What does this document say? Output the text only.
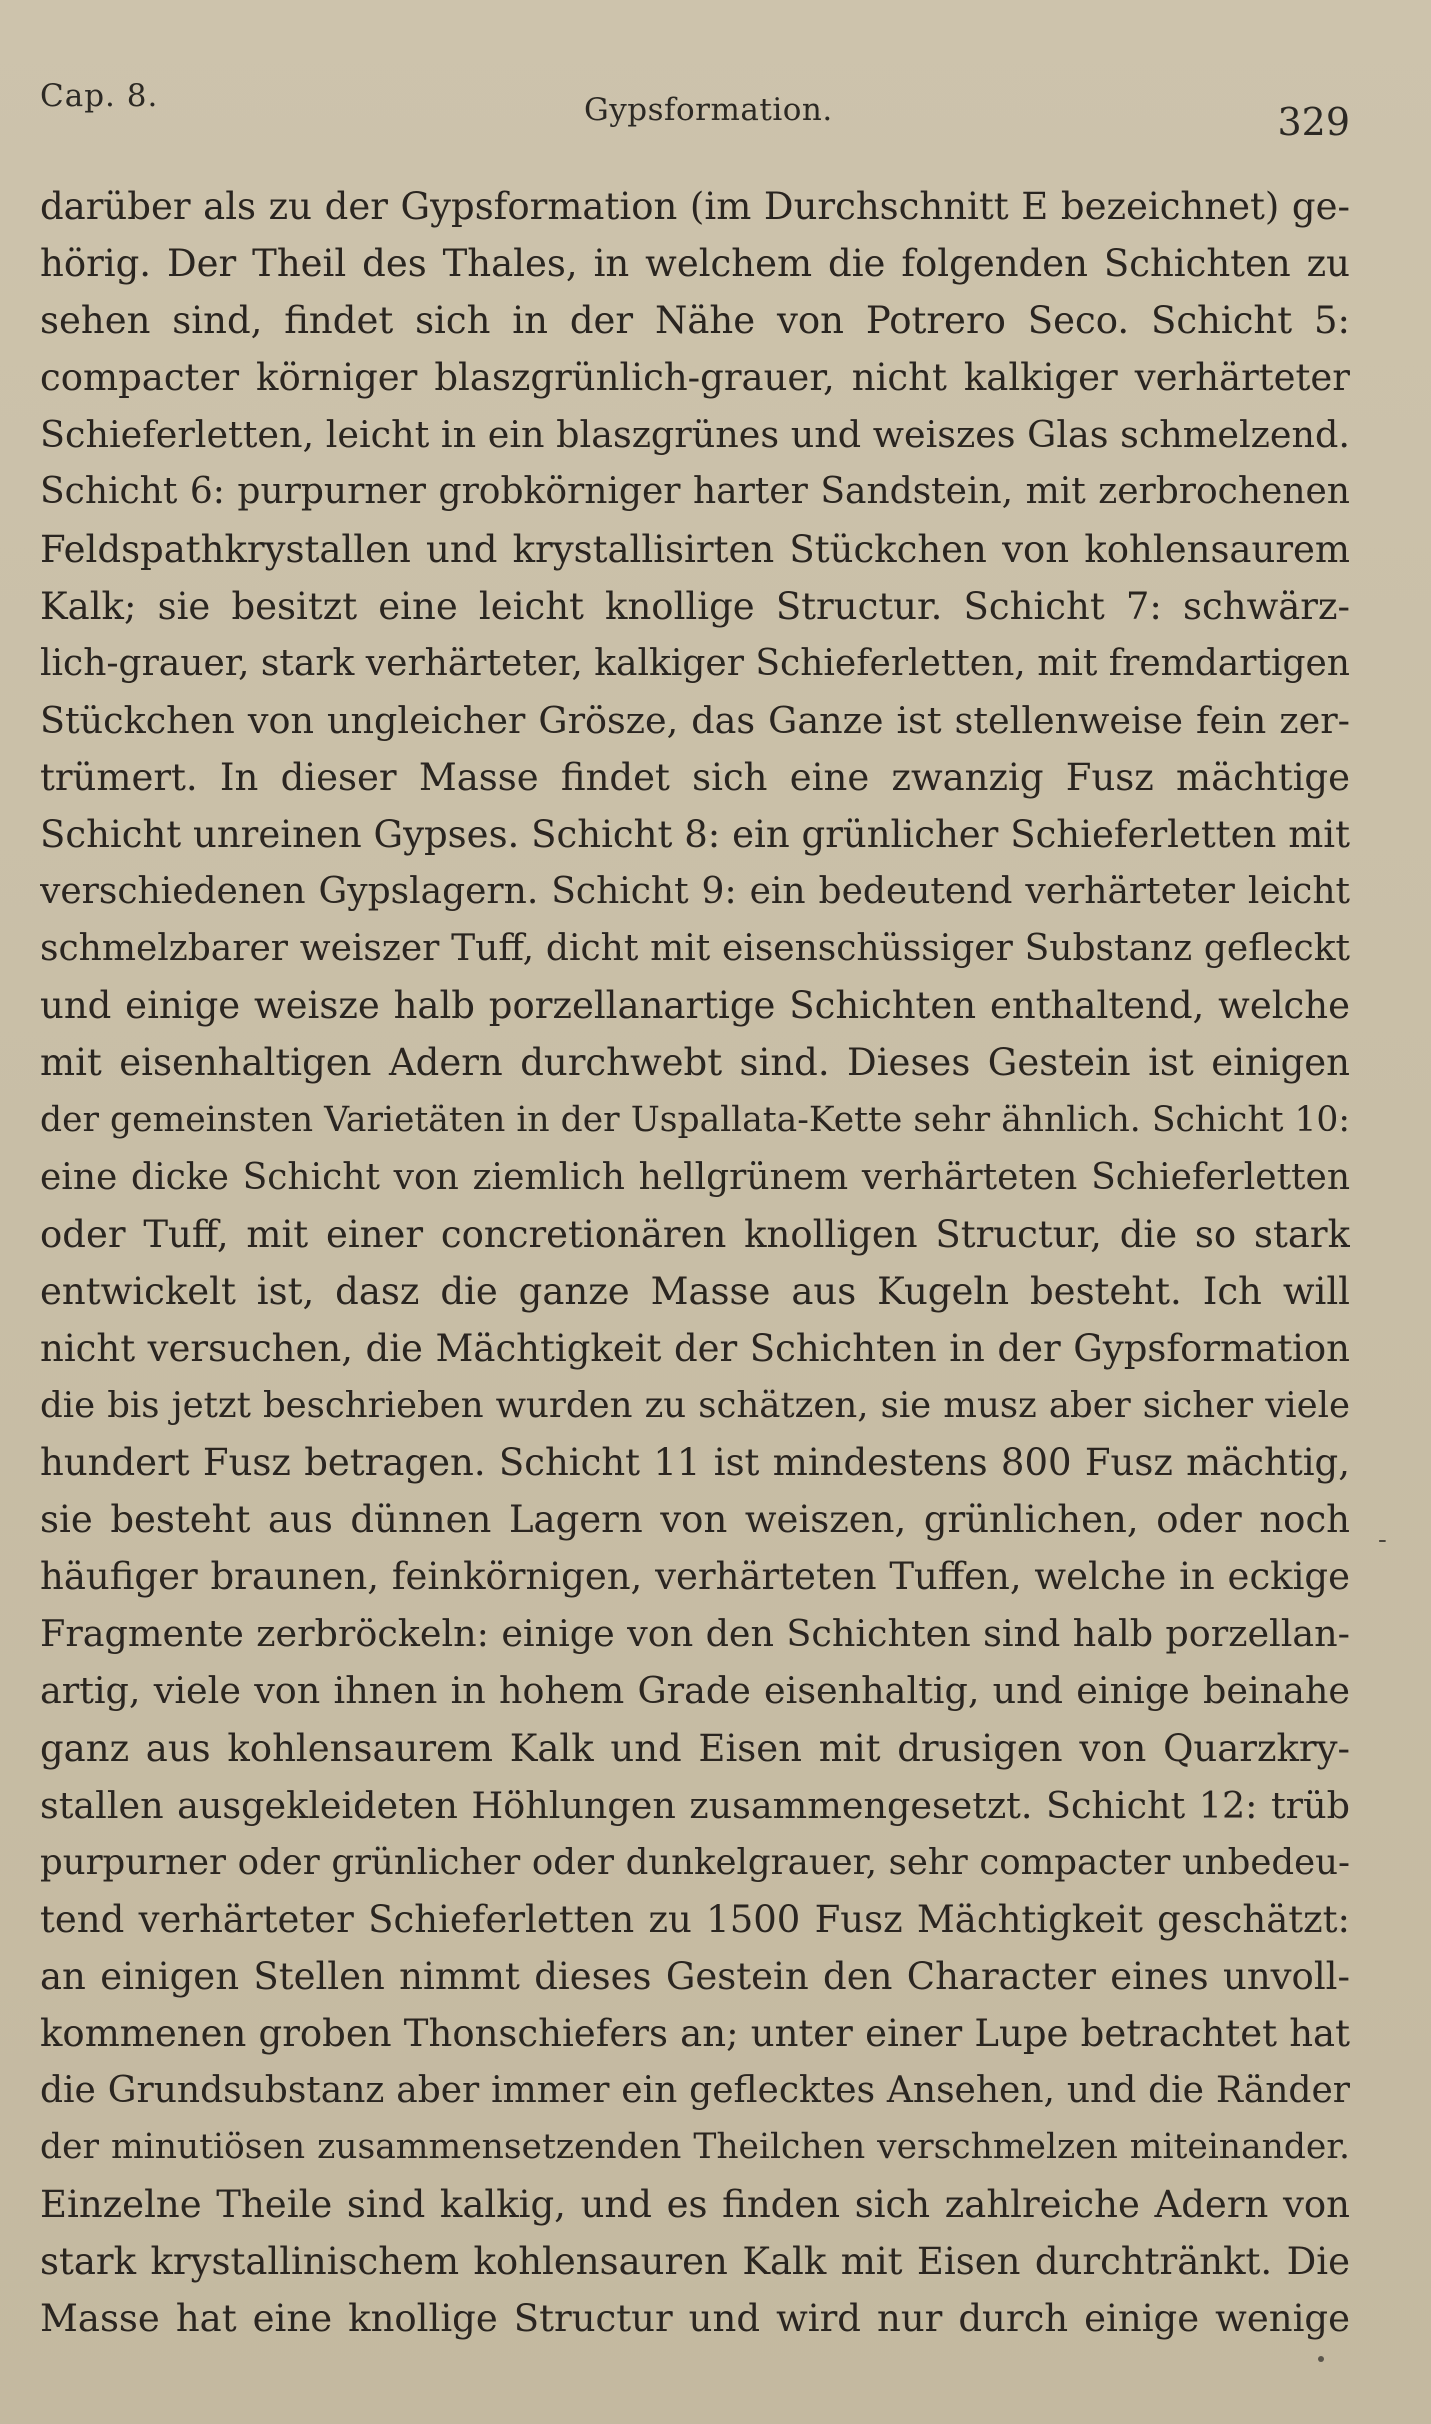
Cap. 8.	Gypsformation.	329
darüber als zu der Gypsformation (im Durchschnitt E bezeichnet) ge-
hörig. Der Theil des Thales, in welchem die folgenden Schichten zu
sehen sind, findet sich in der Nähe von Potrero Seco. Schicht 5:
compacter körniger blaszgrünlich-grauer, nicht kalkiger verhärteter
Schieferletten, leicht in ein blaszgrünes und weiszes Glas schmelzend.
Schicht 6: purpurner grobkörniger harter Sandstein, mit zerbrochenen
Feldspathkrystallen und krystallisirten Stückchen von kohlensaurem
Kalk; sie besitzt eine leicht knollige Structur. Schicht 7: schwärz-
lich-grauer, stark verhärteter, kalkiger Schieferletten, mit fremdartigen
Stückchen von ungleicher Grösze, das Ganze ist stellenweise fein zer-
trümert. In dieser Masse findet sich eine zwanzig Fusz mächtige
Schicht unreinen Gypses. Schicht 8: ein grünlicher Schieferletten mit
verschiedenen Gypslagern. Schicht 9: ein bedeutend verhärteter leicht
schmelzbarer weiszer Tuff, dicht mit eisenschüssiger Substanz gefleckt
und einige weisze halb porzellanartige Schichten enthaltend, welche
mit eisenhaltigen Adern durchwebt sind. Dieses Gestein ist einigen
der gemeinsten Varietäten in der Uspallata-Kette sehr ähnlich. Schicht 10:
eine dicke Schicht von ziemlich hellgrünem verhärteten Schieferletten
oder Tuff, mit einer concretionären knolligen Structur, die so stark
entwickelt ist, dasz die ganze Masse aus Kugeln besteht. Ich will
nicht versuchen, die Mächtigkeit der Schichten in der Gypsformation
die bis jetzt beschrieben wurden zu schätzen, sie musz aber sicher viele
hundert Fusz betragen. Schicht 11 ist mindestens 800 Fusz mächtig,
sie besteht aus dünnen Lagern von weiszen, grünlichen, oder noch
häufiger braunen, feinkörnigen, verhärteten Tuffen, welche in eckige
Fragmente zerbröckeln: einige von den Schichten sind halb porzellan-
artig, viele von ihnen in hohem Grade eisenhaltig, und einige beinahe
ganz aus kohlensaurem Kalk und Eisen mit drusigen von Quarzkry-
stallen ausgekleideten Höhlungen zusammengesetzt. Schicht 12: trüb
purpurner oder grünlicher oder dunkelgrauer, sehr compacter unbedeu-
tend verhärteter Schieferletten zu 1500 Fusz Mächtigkeit geschätzt:
an einigen Stellen nimmt dieses Gestein den Character eines unvoll-
kommenen groben Thonschiefers an; unter einer Lupe betrachtet hat
die Grundsubstanz aber immer ein geflecktes Ansehen, und die Ränder
der minutiösen zusammensetzenden Theilchen verschmelzen miteinander.
Einzelne Theile sind kalkig, und es finden sich zahlreiche Adern von
stark krystallinischem kohlensauren Kalk mit Eisen durchtränkt. Die
Masse hat eine knollige Structur und wird nur durch einige wenige
-
